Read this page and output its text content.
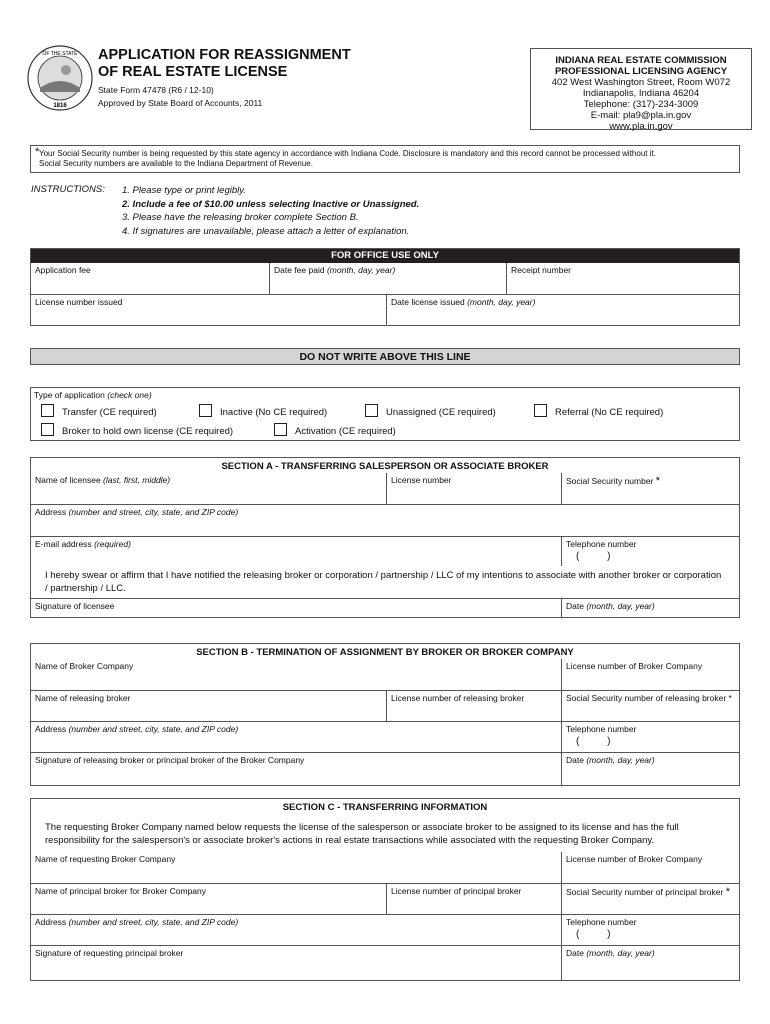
1816
OF THE STATE APPLICATION FOR REASSIGNMENT
OF REAL ESTATE LICENSE
State Form 47478 (R6 / 12-10)
Approved by State Board of Accounts, 2011
INDIANA REAL ESTATE COMMISSION
PROFESSIONAL LICENSING AGENCY
402 West Washington Street, Room W072
Indianapolis, Indiana 46204
Telephone: (317)-234-3009
E-mail: pla9@pla.in.gov
www.pla.in.gov
* Your Social Security number is being requested by this state agency in accordance with Indiana Code. Disclosure is mandatory and this record cannot be processed without it.
Social Security numbers are available to the Indiana Department of Revenue.
INSTRUCTIONS: 1. Please type or print legibly.
2. Include a fee of $10.00 unless selecting Inactive or Unassigned.
3. Please have the releasing broker complete Section B.
4. If signatures are unavailable, please attach a letter of explanation.
FOR OFFICE USE ONLY
Application fee	Date fee paid (month, day, year)	Receipt number
License number issued	Date license issued (month, day, year)
DO NOT WRITE ABOVE THIS LINE
Type of application (check one)
Transfer (CE required)	Inactive (No CE required)	Unassigned (CE required)	Referral (No CE required)
Broker to hold own license (CE required)	Activation (CE required)
SECTION A - TRANSFERRING SALESPERSON OR ASSOCIATE BROKER
Name of licensee (last, first, middle)	License number	Social Security number *
Address (number and street, city, state, and ZIP code)
E-mail address (required)	Telephone number
(          )
I hereby swear or affirm that I have notified the releasing broker or corporation / partnership / LLC of my intentions to associate with another broker or corporation / partnership / LLC.
Signature of licensee	Date (month, day, year)
SECTION B - TERMINATION OF ASSIGNMENT BY BROKER OR BROKER COMPANY
Name of Broker Company	License number of Broker Company
Name of releasing broker	License number of releasing broker	Social Security number of releasing broker *
Address (number and street, city, state, and ZIP code)	Telephone number
(          )
Signature of releasing broker or principal broker of the Broker Company	Date (month, day, year)
SECTION C - TRANSFERRING INFORMATION
The requesting Broker Company named below requests the license of the salesperson or associate broker to be assigned to its license and has the full responsibility for the salesperson's or associate broker's actions in real estate transactions while associated with the requesting Broker Company.
Name of requesting Broker Company	License number of Broker Company
Name of principal broker for Broker Company	License number of principal broker	Social Security number of principal broker *
Address (number and street, city, state, and ZIP code)	Telephone number
(          )
Signature of requesting principal broker	Date (month, day, year)
